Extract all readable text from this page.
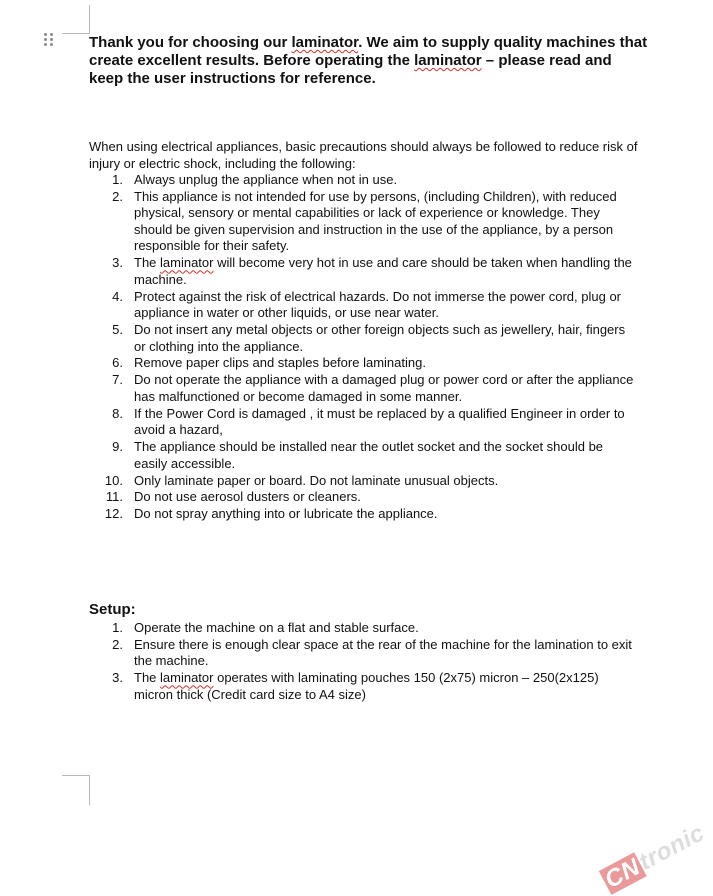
Thank you for choosing our laminator. We aim to supply quality machines that create excellent results. Before operating the laminator – please read and keep the user instructions for reference.

When using electrical appliances, basic precautions should always be followed to reduce risk of injury or electric shock, including the following:

1. Always unplug the appliance when not in use.
2. This appliance is not intended for use by persons, (including Children), with reduced physical, sensory or mental capabilities or lack of experience or knowledge. They should be given supervision and instruction in the use of the appliance, by a person responsible for their safety.
3. The laminator will become very hot in use and care should be taken when handling the machine.
4. Protect against the risk of electrical hazards. Do not immerse the power cord, plug or appliance in water or other liquids, or use near water.
5. Do not insert any metal objects or other foreign objects such as jewellery, hair, fingers or clothing into the appliance.
6. Remove paper clips and staples before laminating.
7. Do not operate the appliance with a damaged plug or power cord or after the appliance has malfunctioned or become damaged in some manner.
8. If the Power Cord is damaged , it must be replaced by a qualified Engineer in order to avoid a hazard,
9. The appliance should be installed near the outlet socket and the socket should be easily accessible.
10. Only laminate paper or board. Do not laminate unusual objects.
11. Do not use aerosol dusters or cleaners.
12. Do not spray anything into or lubricate the appliance.

Setup:

1. Operate the machine on a flat and stable surface.
2. Ensure there is enough clear space at the rear of the machine for the lamination to exit the machine.
3. The laminator operates with laminating pouches 150 (2x75) micron – 250(2x125) micron thick (Credit card size to A4 size)
CNtronic
